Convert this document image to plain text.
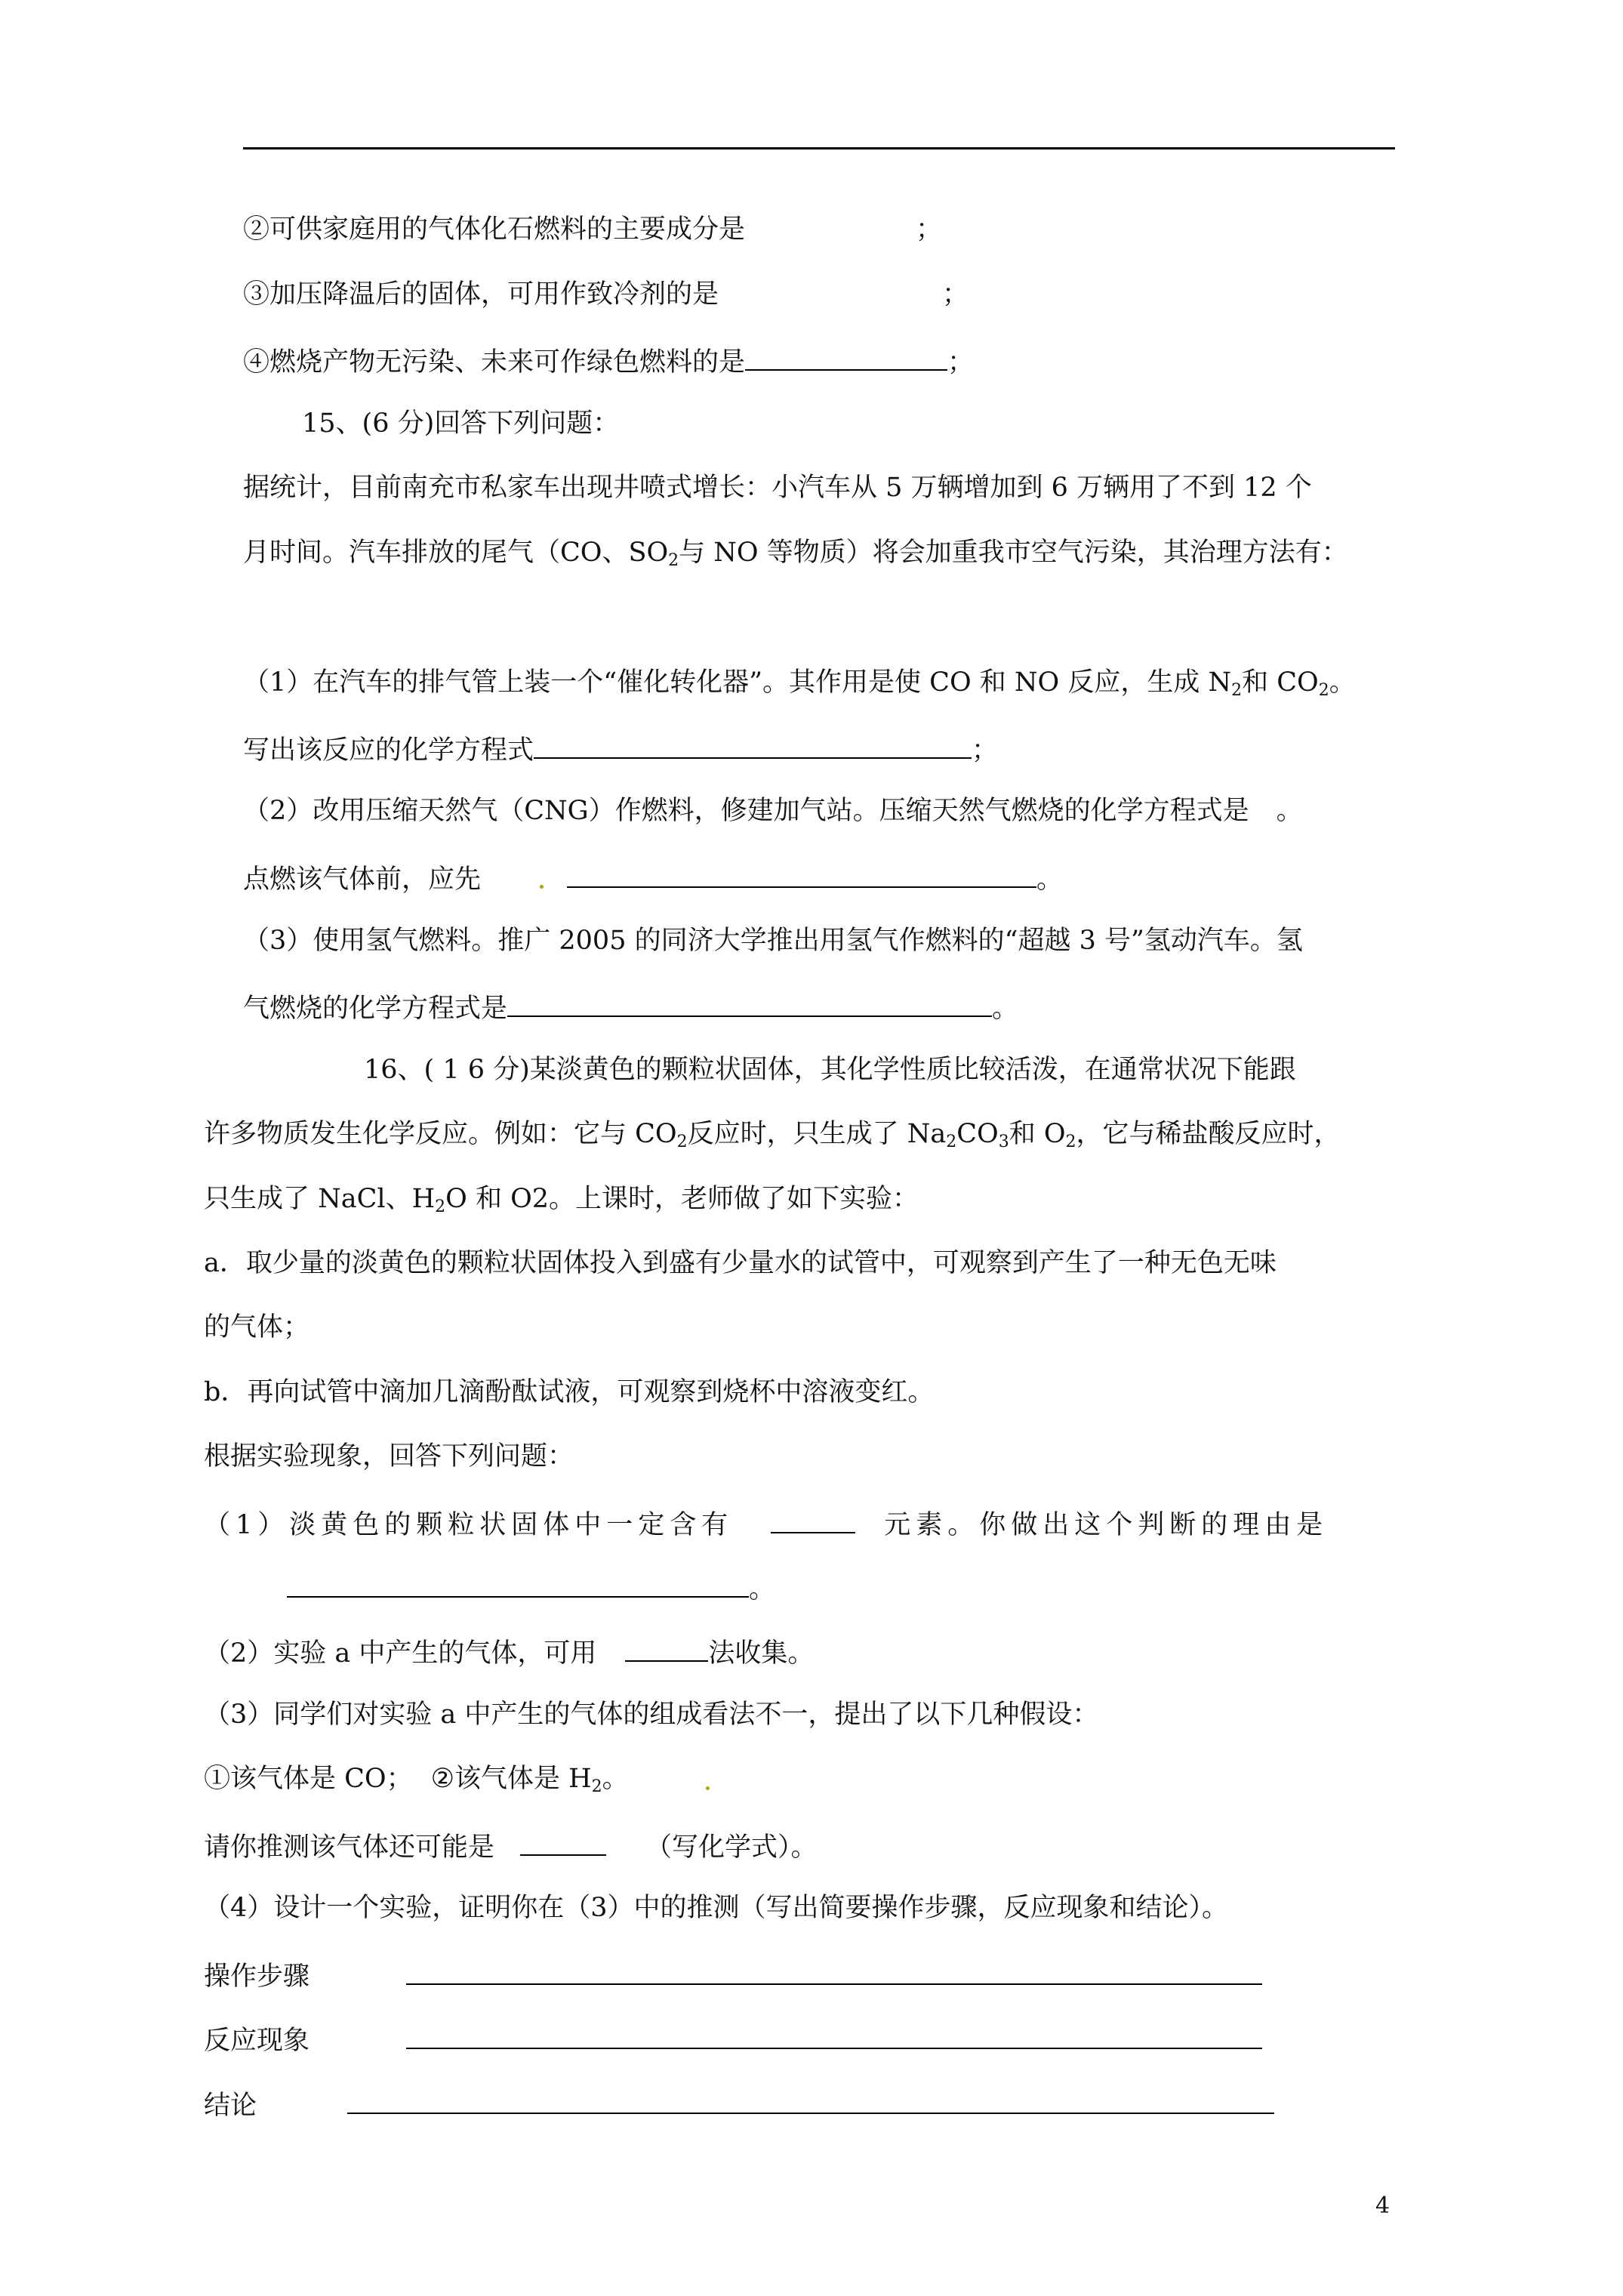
②可供家庭用的气体化石燃料的主要成分是	；
③加压降温后的固体，可用作致冷剂的是	；
④燃烧产物无污染、未来可作绿色燃料的是	；
15、(6 分)回答下列问题：
据统计，目前南充市私家车出现井喷式增长：小汽车从 5 万辆增加到 6 万辆用了不到 12 个
月时间。汽车排放的尾气（CO、$SO_2$与 NO 等物质）将会加重我市空气污染，其治理方法有：
（1）在汽车的排气管上装一个“催化转化器”。其作用是使 CO 和 NO 反应，生成 $N_2$和 $CO_2$。
写出该反应的化学方程式	；
（2）改用压缩天然气（CNG）作燃料，修建加气站。压缩天然气燃烧的化学方程式是 。
点燃该气体前，应先	。
（3）使用氢气燃料。推广 2005 的同济大学推出用氢气作燃料的“超越 3 号”氢动汽车。氢
气燃烧的化学方程式是	。
16、( 1 6 分)某淡黄色的颗粒状固体，其化学性质比较活泼，在通常状况下能跟
许多物质发生化学反应。例如：它与 $CO_2$反应时，只生成了 $Na_2CO_3$和 $O_2$，它与稀盐酸反应时，
只生成了 NaCl、$H_2O$ 和 O2。上课时，老师做了如下实验：
a．取少量的淡黄色的颗粒状固体投入到盛有少量水的试管中，可观察到产生了一种无色无味
的气体；
b．再向试管中滴加几滴酚酞试液，可观察到烧杯中溶液变红。
根据实验现象，回答下列问题：
（1）淡黄色的颗粒状固体中一定含有	元素。你做出这个判断的理由是
。
（2）实验 a 中产生的气体，可用	法收集。
（3）同学们对实验 a 中产生的气体的组成看法不一，提出了以下几种假设：
①该气体是 CO； ②该气体是 $H_2$。
请你推测该气体还可能是	（写化学式）。
（4）设计一个实验，证明你在（3）中的推测（写出简要操作步骤，反应现象和结论）。
操作步骤
反应现象
结论
4
